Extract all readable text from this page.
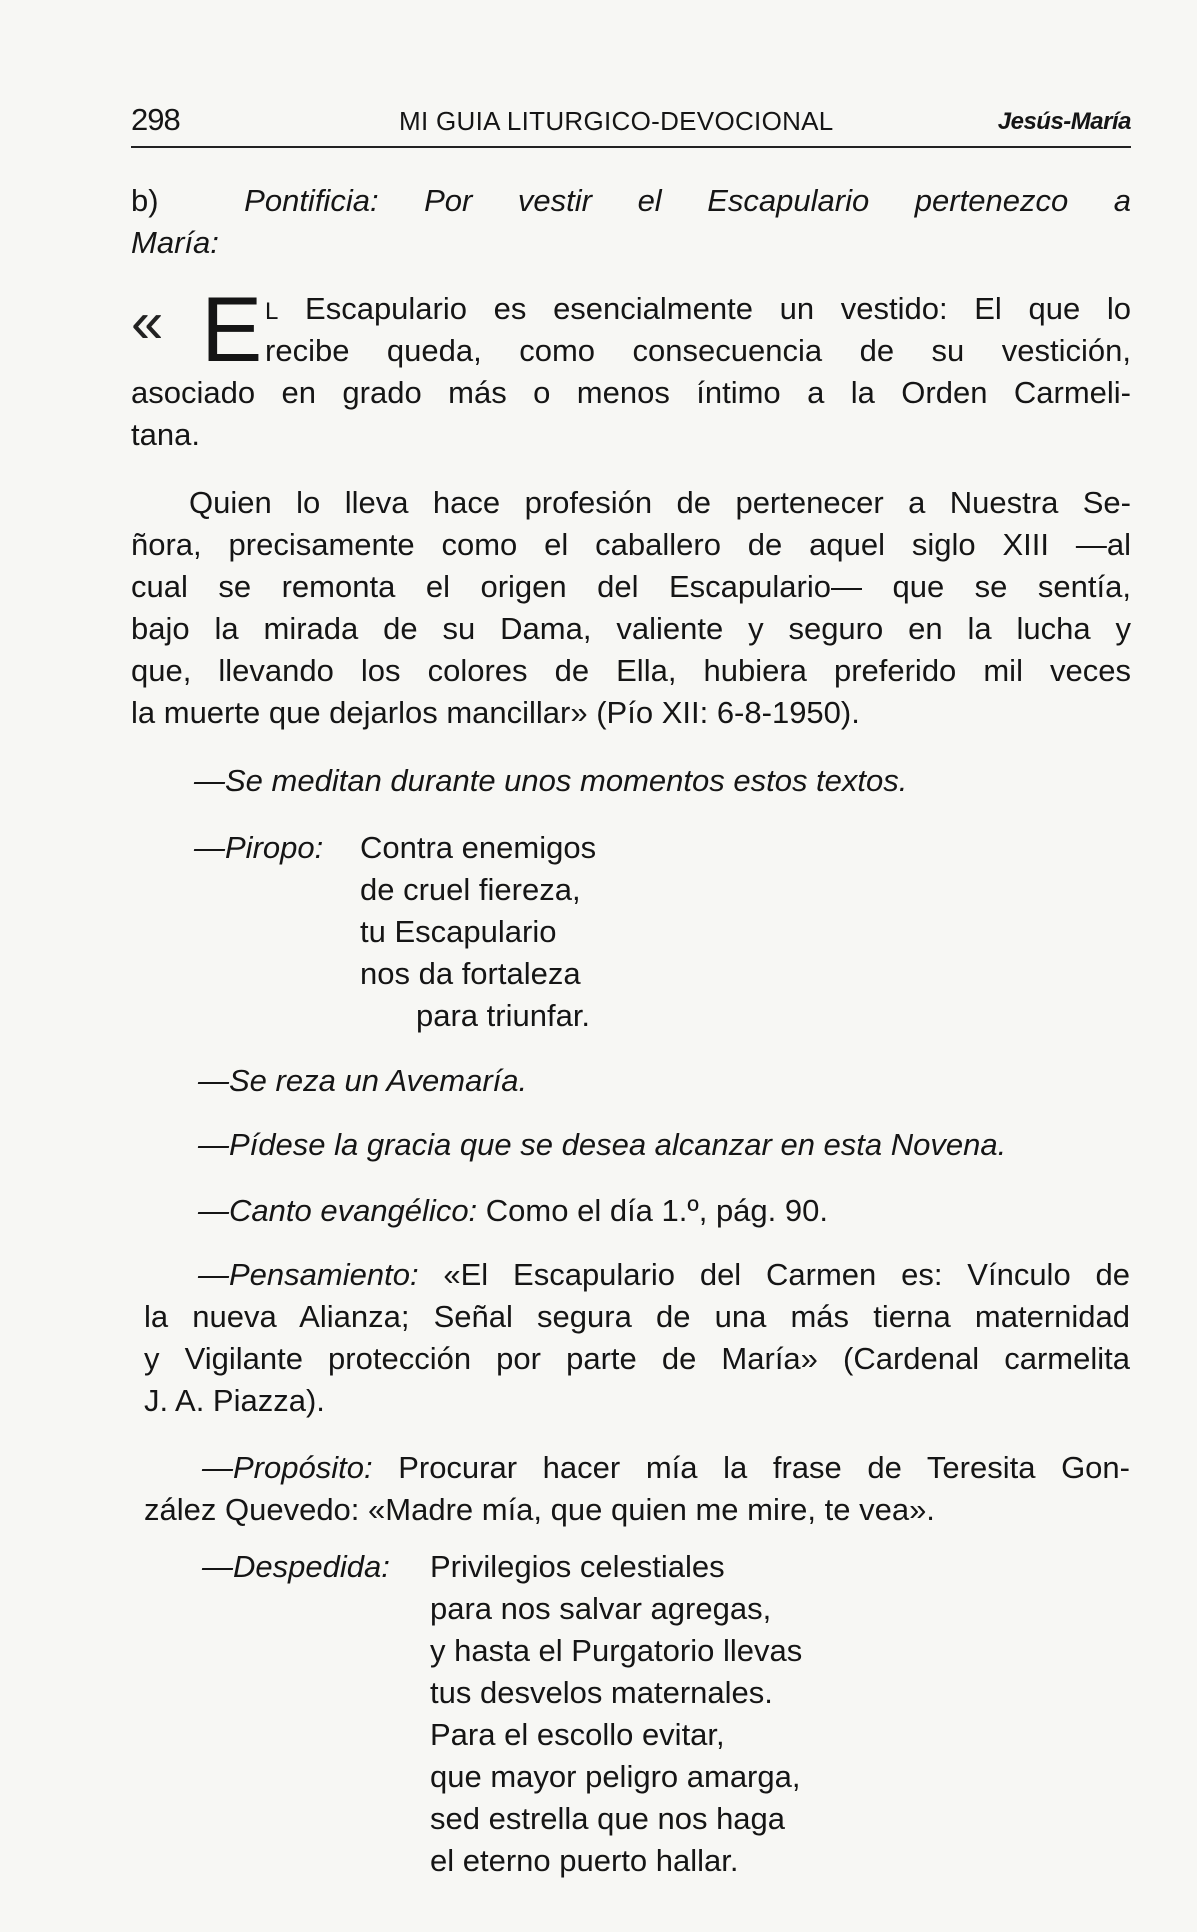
298	MI GUIA LITURGICO-DEVOCIONAL	Jesús-María
b)	Pontificia: Por vestir el Escapulario pertenezco a
María:
« E L Escapulario es esencialmente un vestido: El que lo
recibe queda, como consecuencia de su vestición,
asociado en grado más o menos íntimo a la Orden Carmeli-
tana.
Quien lo lleva hace profesión de pertenecer a Nuestra Se-
ñora, precisamente como el caballero de aquel siglo XIII —al
cual se remonta el origen del Escapulario— que se sentía,
bajo la mirada de su Dama, valiente y seguro en la lucha y
que, llevando los colores de Ella, hubiera preferido mil veces
la muerte que dejarlos mancillar» (Pío XII: 6-8-1950).
—Se meditan durante unos momentos estos textos.
—Piropo:	Contra enemigos
de cruel fiereza,
tu Escapulario
nos da fortaleza
para triunfar.
—Se reza un Avemaría.
—Pídese la gracia que se desea alcanzar en esta Novena.
—Canto evangélico: Como el día 1.º, pág. 90.
—Pensamiento: «El Escapulario del Carmen es: Vínculo de
la nueva Alianza; Señal segura de una más tierna maternidad
y Vigilante protección por parte de María» (Cardenal carmelita
J. A. Piazza).
—Propósito: Procurar hacer mía la frase de Teresita Gon-
zález Quevedo: «Madre mía, que quien me mire, te vea».
—Despedida:	Privilegios celestiales
para nos salvar agregas,
y hasta el Purgatorio llevas
tus desvelos maternales.
Para el escollo evitar,
que mayor peligro amarga,
sed estrella que nos haga
el eterno puerto hallar.
